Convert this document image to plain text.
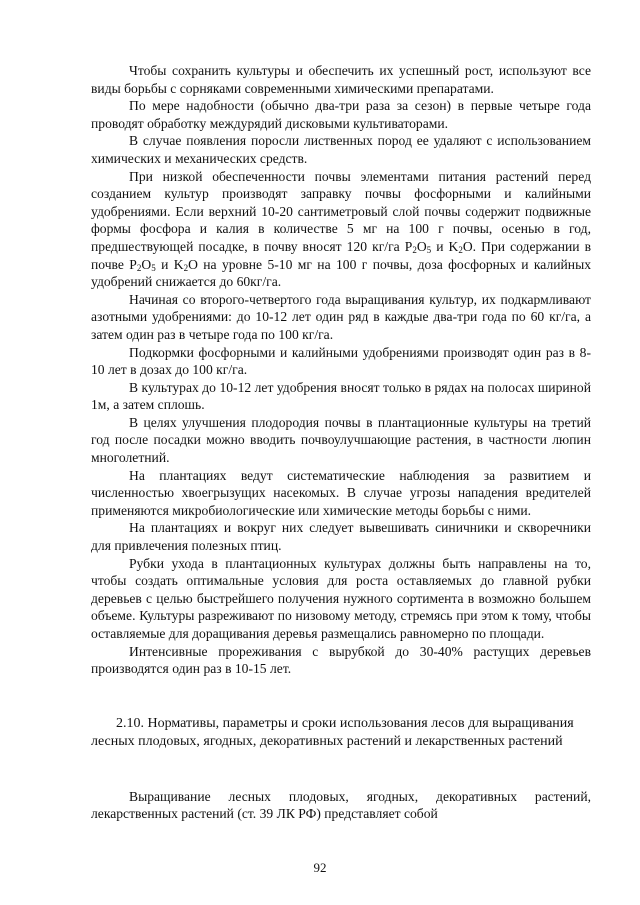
Чтобы сохранить культуры и обеспечить их успешный рост, используют все виды борьбы с сорняками современными химическими препаратами.

По мере надобности (обычно два-три раза за сезон) в первые четыре года проводят обработку междурядий дисковыми культиваторами.

В случае появления поросли лиственных пород ее удаляют с использованием химических и механических средств.

При низкой обеспеченности почвы элементами питания растений перед созданием культур производят заправку почвы фосфорными и калийными удобрениями. Если верхний 10-20 сантиметровый слой почвы содержит подвижные формы фосфора и калия в количестве 5 мг на 100 г почвы, осенью в год, предшествующей посадке, в почву вносят 120 кг/га $P_2O_5$ и $K_2O$. При содержании в почве $P_2O_5$ и $K_2O$ на уровне 5-10 мг на 100 г почвы, доза фосфорных и калийных удобрений снижается до 60кг/га.

Начиная со второго-четвертого года выращивания культур, их подкармливают азотными удобрениями: до 10-12 лет один ряд в каждые два-три года по 60 кг/га, а затем один раз в четыре года по 100 кг/га.

Подкормки фосфорными и калийными удобрениями производят один раз в 8-10 лет в дозах до 100 кг/га.

В культурах до 10-12 лет удобрения вносят только в рядах на полосах шириной 1м, а затем сплошь.

В целях улучшения плодородия почвы в плантационные культуры на третий год после посадки можно вводить почвоулучшающие растения, в частности люпин многолетний.

На плантациях ведут систематические наблюдения за развитием и численностью хвоегрызущих насекомых. В случае угрозы нападения вредителей применяются микробиологические или химические методы борьбы с ними.

На плантациях и вокруг них следует вывешивать синичники и скворечники для привлечения полезных птиц.

Рубки ухода в плантационных культурах должны быть направлены на то, чтобы создать оптимальные условия для роста оставляемых до главной рубки деревьев с целью быстрейшего получения нужного сортимента в возможно большем объеме. Культуры разреживают по низовому методу, стремясь при этом к тому, чтобы оставляемые для доращивания деревья размещались равномерно по площади.

Интенсивные прореживания с вырубкой до 30-40% растущих деревьев производятся один раз в 10-15 лет.

2.10. Нормативы, параметры и сроки использования лесов для выращивания лесных плодовых, ягодных, декоративных растений и лекарственных растений

Выращивание лесных плодовых, ягодных, декоративных растений, лекарственных растений (ст. 39 ЛК РФ) представляет собой

92
